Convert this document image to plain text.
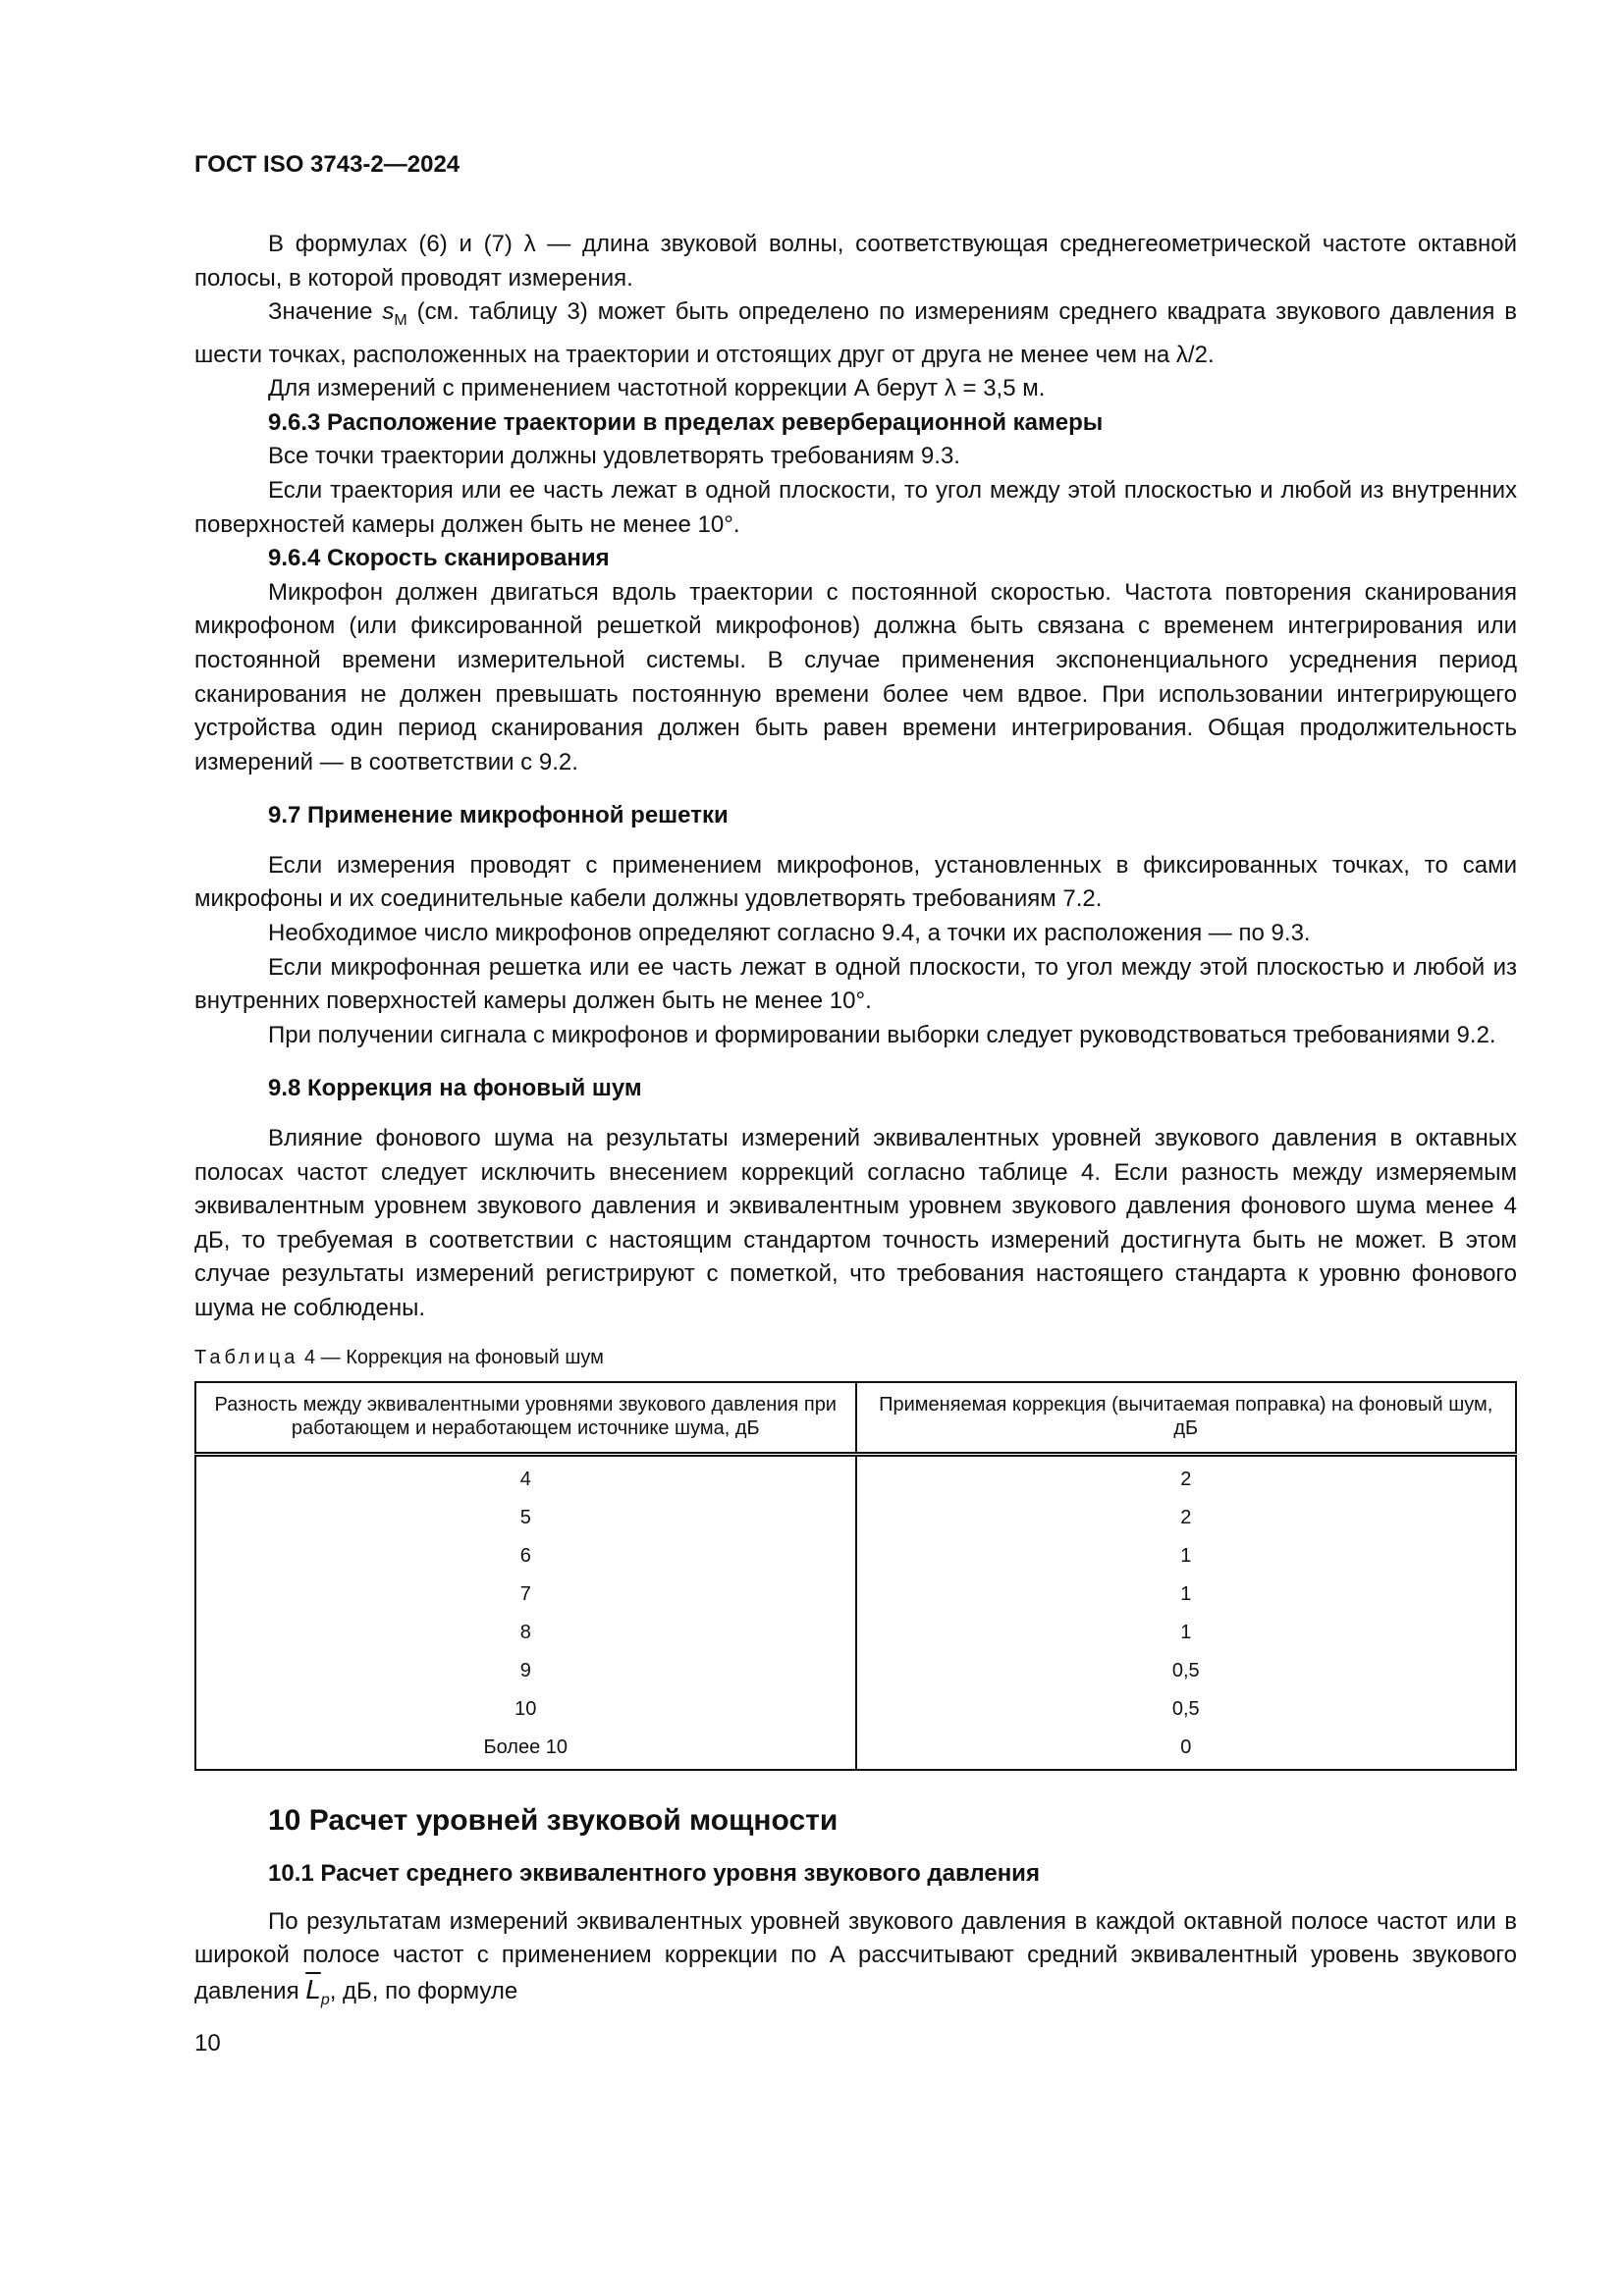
ГОСТ ISO 3743-2—2024

В формулах (6) и (7) λ — длина звуковой волны, соответствующая среднегеометрической частоте октавной полосы, в которой проводят измерения.

Значение $s_M$ (см. таблицу 3) может быть определено по измерениям среднего квадрата звукового давления в шести точках, расположенных на траектории и отстоящих друг от друга не менее чем на λ/2.

Для измерений с применением частотной коррекции А берут λ = 3,5 м.

9.6.3 Расположение траектории в пределах реверберационной камеры

Все точки траектории должны удовлетворять требованиям 9.3.

Если траектория или ее часть лежат в одной плоскости, то угол между этой плоскостью и любой из внутренних поверхностей камеры должен быть не менее 10°.

9.6.4 Скорость сканирования

Микрофон должен двигаться вдоль траектории с постоянной скоростью. Частота повторения сканирования микрофоном (или фиксированной решеткой микрофонов) должна быть связана с временем интегрирования или постоянной времени измерительной системы. В случае применения экспоненциального усреднения период сканирования не должен превышать постоянную времени более чем вдвое. При использовании интегрирующего устройства один период сканирования должен быть равен времени интегрирования. Общая продолжительность измерений — в соответствии с 9.2.

9.7 Применение микрофонной решетки

Если измерения проводят с применением микрофонов, установленных в фиксированных точках, то сами микрофоны и их соединительные кабели должны удовлетворять требованиям 7.2.

Необходимое число микрофонов определяют согласно 9.4, а точки их расположения — по 9.3.

Если микрофонная решетка или ее часть лежат в одной плоскости, то угол между этой плоскостью и любой из внутренних поверхностей камеры должен быть не менее 10°.

При получении сигнала с микрофонов и формировании выборки следует руководствоваться требованиями 9.2.

9.8 Коррекция на фоновый шум

Влияние фонового шума на результаты измерений эквивалентных уровней звукового давления в октавных полосах частот следует исключить внесением коррекций согласно таблице 4. Если разность между измеряемым эквивалентным уровнем звукового давления и эквивалентным уровнем звукового давления фонового шума менее 4 дБ, то требуемая в соответствии с настоящим стандартом точность измерений достигнута быть не может. В этом случае результаты измерений регистрируют с пометкой, что требования настоящего стандарта к уровню фонового шума не соблюдены.

Таблица 4 — Коррекция на фоновый шум
Разность между эквивалентными уровнями звукового давления при работающем и неработающем источнике шума, дБ	Применяемая коррекция (вычитаемая поправка) на фоновый шум, дБ
4	2
5	2
6	1
7	1
8	1
9	0,5
10	0,5
Более 10	0

10 Расчет уровней звуковой мощности

10.1 Расчет среднего эквивалентного уровня звукового давления

По результатам измерений эквивалентных уровней звукового давления в каждой октавной полосе частот или в широкой полосе частот с применением коррекции по А рассчитывают средний эквивалентный уровень звукового давления $\overline{L}_p$, дБ, по формуле

10
